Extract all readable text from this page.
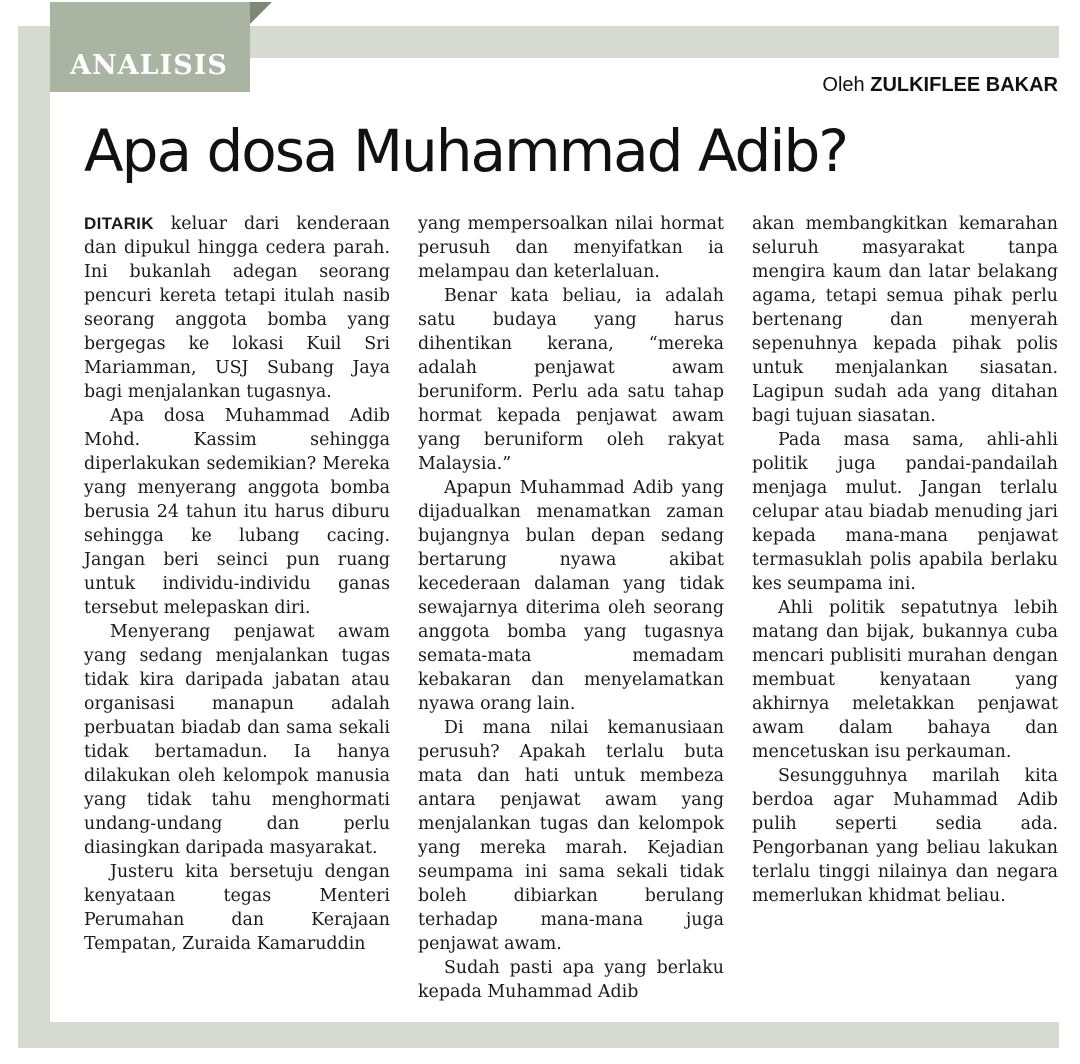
ANALISIS
Oleh ZULKIFLEE BAKAR
Apa dosa Muhammad Adib?

DITARIK keluar dari kenderaan dan dipukul hingga cedera parah. Ini bukanlah adegan seorang pencuri kereta tetapi itulah nasib seorang anggota bomba yang bergegas ke lokasi Kuil Sri Mariamman, USJ Subang Jaya bagi menjalankan tugasnya.

Apa dosa Muhammad Adib Mohd. Kassim sehingga diperlakukan sedemikian? Mereka yang menyerang anggota bomba berusia 24 tahun itu harus diburu sehingga ke lubang cacing. Jangan beri seinci pun ruang untuk individu-individu ganas tersebut melepaskan diri.

Menyerang penjawat awam yang sedang menjalankan tugas tidak kira daripada jabatan atau organisasi manapun adalah perbuatan biadab dan sama sekali tidak bertamadun. Ia hanya dilakukan oleh kelompok manusia yang tidak tahu menghormati undang-undang dan perlu diasingkan daripada masyarakat.

Justeru kita bersetuju dengan kenyataan tegas Menteri Perumahan dan Kerajaan Tempatan, Zuraida Kamaruddin

yang mempersoalkan nilai hormat perusuh dan menyifatkan ia melampau dan keterlaluan.

Benar kata beliau, ia adalah satu budaya yang harus dihentikan kerana, “mereka adalah penjawat awam beruniform. Perlu ada satu tahap hormat kepada penjawat awam yang beruniform oleh rakyat Malaysia.”

Apapun Muhammad Adib yang dijadualkan menamatkan zaman bujangnya bulan depan sedang bertarung nyawa akibat kecederaan dalaman yang tidak sewajarnya diterima oleh seorang anggota bomba yang tugasnya semata-mata memadam kebakaran dan menyelamatkan nyawa orang lain.

Di mana nilai kemanusiaan perusuh? Apakah terlalu buta mata dan hati untuk membeza antara penjawat awam yang menjalankan tugas dan kelompok yang mereka marah. Kejadian seumpama ini sama sekali tidak boleh dibiarkan berulang terhadap mana-mana juga penjawat awam.

Sudah pasti apa yang berlaku kepada Muhammad Adib

akan membangkitkan kemarahan seluruh masyarakat tanpa mengira kaum dan latar belakang agama, tetapi semua pihak perlu bertenang dan menyerah sepenuhnya kepada pihak polis untuk menjalankan siasatan. Lagipun sudah ada yang ditahan bagi tujuan siasatan.

Pada masa sama, ahli-ahli politik juga pandai-pandailah menjaga mulut. Jangan terlalu celupar atau biadab menuding jari kepada mana-mana penjawat termasuklah polis apabila berlaku kes seumpama ini.

Ahli politik sepatutnya lebih matang dan bijak, bukannya cuba mencari publisiti murahan dengan membuat kenyataan yang akhirnya meletakkan penjawat awam dalam bahaya dan mencetuskan isu perkauman.

Sesungguhnya marilah kita berdoa agar Muhammad Adib pulih seperti sedia ada. Pengorbanan yang beliau lakukan terlalu tinggi nilainya dan negara memerlukan khidmat beliau.
